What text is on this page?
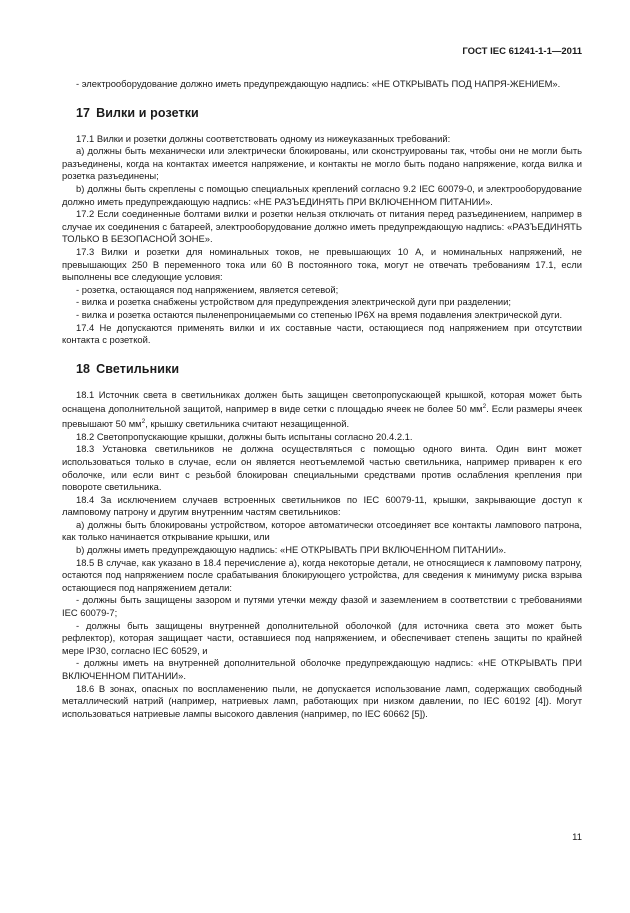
ГОСТ IEC 61241-1-1—2011

- электрооборудование должно иметь предупреждающую надпись: «НЕ ОТКРЫВАТЬ ПОД НАПРЯ-ЖЕНИЕМ».

17 Вилки и розетки

17.1 Вилки и розетки должны соответствовать одному из нижеуказанных требований:

a) должны быть механически или электрически блокированы, или сконструированы так, чтобы они не могли быть разъединены, когда на контактах имеется напряжение, и контакты не могло быть подано напряжение, когда вилка и розетка разъединены;

b) должны быть скреплены с помощью специальных креплений согласно 9.2 IEC 60079-0, и электрооборудование должно иметь предупреждающую надпись: «НЕ РАЗЪЕДИНЯТЬ ПРИ ВКЛЮЧЕННОМ ПИТАНИИ».

17.2 Если соединенные болтами вилки и розетки нельзя отключать от питания перед разъединением, например в случае их соединения с батареей, электрооборудование должно иметь предупреждающую надпись: «РАЗЪЕДИНЯТЬ ТОЛЬКО В БЕЗОПАСНОЙ ЗОНЕ».

17.3 Вилки и розетки для номинальных токов, не превышающих 10 А, и номинальных напряжений, не превышающих 250 В переменного тока или 60 В постоянного тока, могут не отвечать требованиям 17.1, если выполнены все следующие условия:

- розетка, остающаяся под напряжением, является сетевой;

- вилка и розетка снабжены устройством для предупреждения электрической дуги при разделении;

- вилка и розетка остаются пыленепроницаемыми со степенью IP6X на время подавления электрической дуги.

17.4 Не допускаются применять вилки и их составные части, остающиеся под напряжением при отсутствии контакта с розеткой.

18 Светильники

18.1 Источник света в светильниках должен быть защищен светопропускающей крышкой, которая может быть оснащена дополнительной защитой, например в виде сетки с площадью ячеек не более 50 $мм^2$. Если размеры ячеек превышают 50 $мм^2$, крышку светильника считают незащищенной.

18.2 Светопропускающие крышки, должны быть испытаны согласно 20.4.2.1.

18.3 Установка светильников не должна осуществляться с помощью одного винта. Один винт может использоваться только в случае, если он является неотъемлемой частью светильника, например приварен к его оболочке, или если винт с резьбой блокирован специальными средствами против ослабления крепления при повороте светильника.

18.4 За исключением случаев встроенных светильников по IEC 60079-11, крышки, закрывающие доступ к ламповому патрону и другим внутренним частям светильников:

a) должны быть блокированы устройством, которое автоматически отсоединяет все контакты лампового патрона, как только начинается открывание крышки, или

b) должны иметь предупреждающую надпись: «НЕ ОТКРЫВАТЬ ПРИ ВКЛЮЧЕННОМ ПИТАНИИ».

18.5 В случае, как указано в 18.4 перечисление a), когда некоторые детали, не относящиеся к ламповому патрону, остаются под напряжением после срабатывания блокирующего устройства, для сведения к минимуму риска взрыва остающиеся под напряжением детали:

- должны быть защищены зазором и путями утечки между фазой и заземлением в соответствии с требованиями IEC 60079-7;

- должны быть защищены внутренней дополнительной оболочкой (для источника света это может быть рефлектор), которая защищает части, оставшиеся под напряжением, и обеспечивает степень защиты по крайней мере IP30, согласно IEC 60529, и

- должны иметь на внутренней дополнительной оболочке предупреждающую надпись: «НЕ ОТКРЫВАТЬ ПРИ ВКЛЮЧЕННОМ ПИТАНИИ».

18.6 В зонах, опасных по воспламенению пыли, не допускается использование ламп, содержащих свободный металлический натрий (например, натриевых ламп, работающих при низком давлении, по IEC 60192 [4]). Могут использоваться натриевые лампы высокого давления (например, по IEC 60662 [5]).

11
